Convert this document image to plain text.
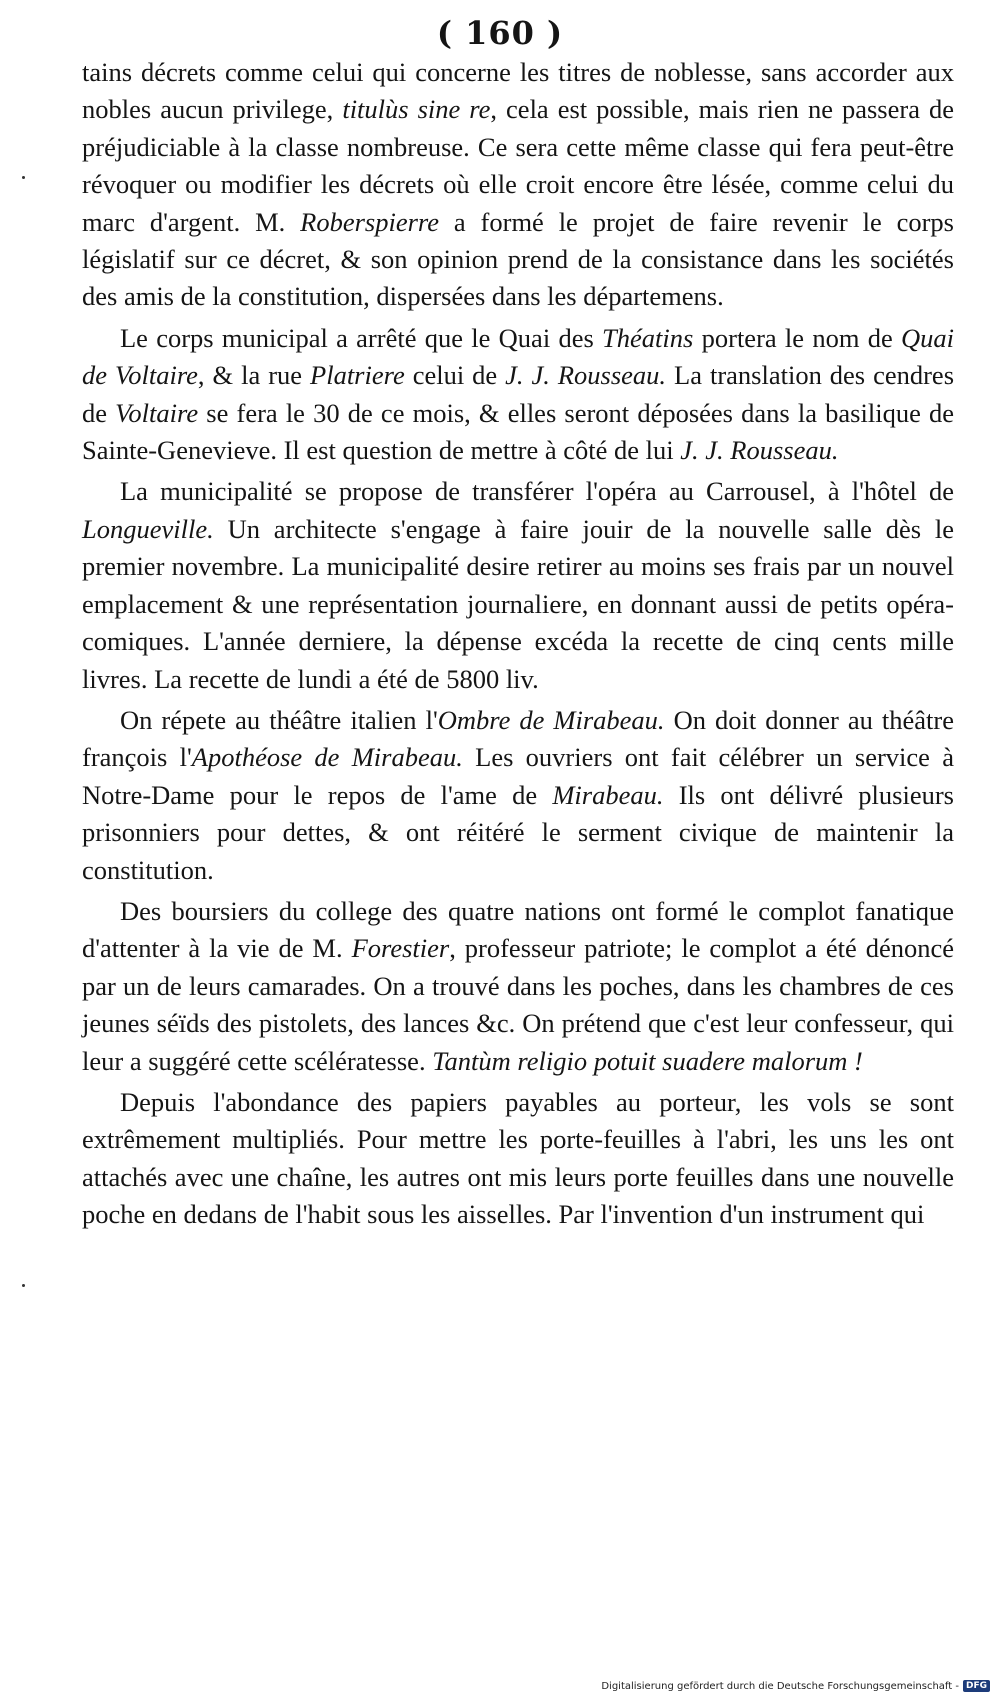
( 160 )

tains décrets comme celui qui concerne les titres de noblesse, sans accorder aux nobles aucun privilege, titulùs sine re, cela est possible, mais rien ne passera de préjudiciable à la classe nombreuse. Ce sera cette même classe qui fera peut-être révoquer ou modifier les décrets où elle croit encore être lésée, comme celui du marc d'argent. M. Roberspierre a formé le projet de faire revenir le corps législatif sur ce décret, & son opinion prend de la consistance dans les sociétés des amis de la constitution, dispersées dans les départemens.

Le corps municipal a arrêté que le Quai des Théatins portera le nom de Quai de Voltaire, & la rue Platriere celui de J. J. Rousseau. La translation des cendres de Voltaire se fera le 30 de ce mois, & elles seront déposées dans la basilique de Sainte-Genevieve. Il est question de mettre à côté de lui J. J. Rousseau.

La municipalité se propose de transférer l'opéra au Carrousel, à l'hôtel de Longueville. Un architecte s'engage à faire jouir de la nouvelle salle dès le premier novembre. La municipalité desire retirer au moins ses frais par un nouvel emplacement & une représentation journaliere, en donnant aussi de petits opéra-comiques. L'année derniere, la dépense excéda la recette de cinq cents mille livres. La recette de lundi a été de 5800 liv.

On répete au théâtre italien l'Ombre de Mirabeau. On doit donner au théâtre françois l'Apothéose de Mirabeau. Les ouvriers ont fait célébrer un service à Notre-Dame pour le repos de l'ame de Mirabeau. Ils ont délivré plusieurs prisonniers pour dettes, & ont réitéré le serment civique de maintenir la constitution.

Des boursiers du college des quatre nations ont formé le complot fanatique d'attenter à la vie de M. Forestier, professeur patriote; le complot a été dénoncé par un de leurs camarades. On a trouvé dans les poches, dans les chambres de ces jeunes séïds des pistolets, des lances &c. On prétend que c'est leur confesseur, qui leur a suggéré cette scélératesse. Tantùm religio potuit suadere malorum !

Depuis l'abondance des papiers payables au porteur, les vols se sont extrêmement multipliés. Pour mettre les porte-feuilles à l'abri, les uns les ont attachés avec une chaîne, les autres ont mis leurs porte feuilles dans une nouvelle poche en dedans de l'habit sous les aisselles. Par l'invention d'un instrument qui

Digitalisierung gefördert durch die Deutsche Forschungsgemeinschaft - DFG
